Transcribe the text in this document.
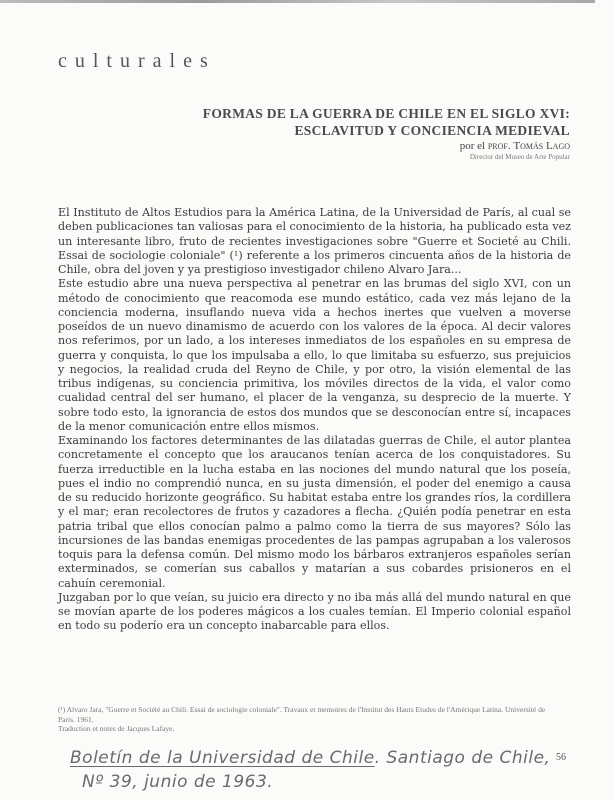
culturales
FORMAS DE LA GUERRA DE CHILE EN EL SIGLO XVI:
ESCLAVITUD Y CONCIENCIA MEDIEVAL
por el prof. Tomás Lago
Director del Museo de Arte Popular

El Instituto de Altos Estudios para la América Latina, de la Universidad de París, al cual se deben publicaciones tan valiosas para el conocimiento de la historia, ha publicado esta vez un interesante libro, fruto de recientes investigaciones sobre "Guerre et Societé au Chili. Essai de sociologie coloniale" (¹) referente a los primeros cincuenta años de la historia de Chile, obra del joven y ya prestigioso investigador chileno Alvaro Jara...

Este estudio abre una nueva perspectiva al penetrar en las brumas del siglo XVI, con un método de conocimiento que reacomoda ese mundo estático, cada vez más lejano de la conciencia moderna, insuflando nueva vida a hechos inertes que vuelven a moverse poseídos de un nuevo dinamismo de acuerdo con los valores de la época. Al decir valores nos referimos, por un lado, a los intereses inmediatos de los españoles en su empresa de guerra y conquista, lo que los impulsaba a ello, lo que limitaba su esfuerzo, sus prejuicios y negocios, la realidad cruda del Reyno de Chile, y por otro, la visión elemental de las tribus indígenas, su conciencia primitiva, los móviles directos de la vida, el valor como cualidad central del ser humano, el placer de la venganza, su desprecio de la muerte. Y sobre todo esto, la ignorancia de estos dos mundos que se desconocían entre sí, incapaces de la menor comunicación entre ellos mismos.

Examinando los factores determinantes de las dilatadas guerras de Chile, el autor plantea concretamente el concepto que los araucanos tenían acerca de los conquistadores. Su fuerza irreductible en la lucha estaba en las nociones del mundo natural que los poseía, pues el indio no comprendió nunca, en su justa dimensión, el poder del enemigo a causa de su reducido horizonte geográfico. Su habitat estaba entre los grandes ríos, la cordillera y el mar; eran recolectores de frutos y cazadores a flecha. ¿Quién podía penetrar en esta patria tribal que ellos conocían palmo a palmo como la tierra de sus mayores? Sólo las incursiones de las bandas enemigas procedentes de las pampas agrupaban a los valerosos toquis para la defensa común. Del mismo modo los bárbaros extranjeros españoles serían exterminados, se comerían sus caballos y matarían a sus cobardes prisioneros en el cahuín ceremonial.

Juzgaban por lo que veían, su juicio era directo y no iba más allá del mundo natural en que se movían aparte de los poderes mágicos a los cuales temían. El Imperio colonial español en todo su poderío era un concepto inabarcable para ellos.

(¹) Alvaro Jara, "Guerre et Société au Chili. Essai de sociologie coloniale". Travaux et memoires de l'Institut des Hauts Etudes de l'Amérique Latina. Université de Paris. 1961.

Traduction et notes de Jacques Lafaye.

Boletín de la Universidad de Chile. Santiago de Chile,
Nº 39, junio de 1963.
56
